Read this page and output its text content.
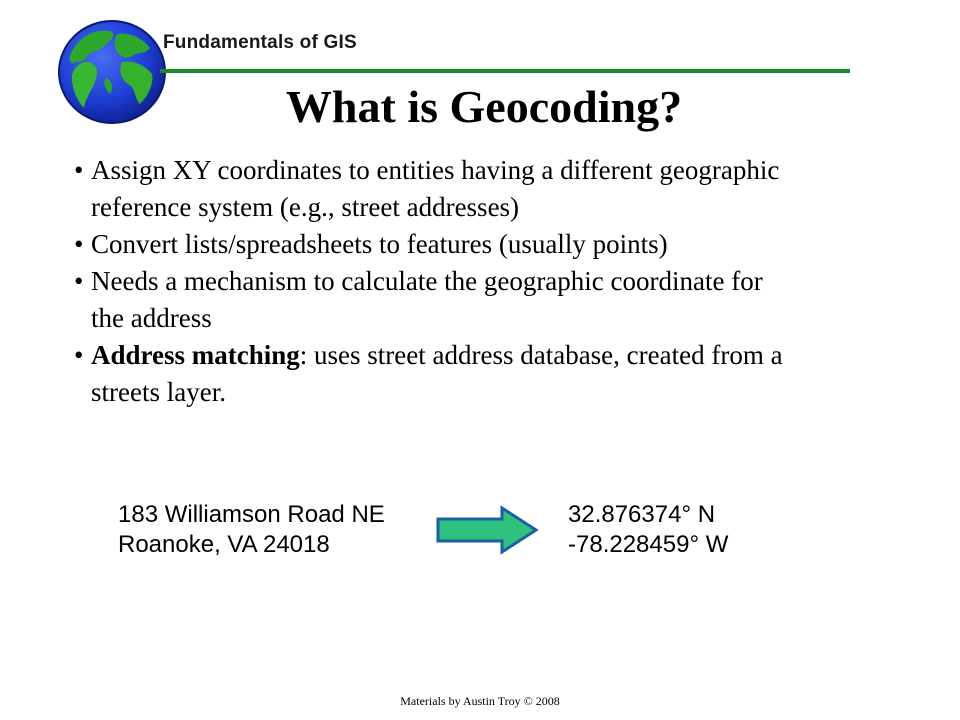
Fundamentals of GIS
What is Geocoding?
• Assign XY coordinates to entities having a different geographic
reference system (e.g., street addresses)
• Convert lists/spreadsheets to features (usually points)
• Needs a mechanism to calculate the geographic coordinate for
the address
• Address matching: uses street address database, created from a
streets layer.
183 Williamson Road NE
Roanoke, VA 24018
32.876374° N
-78.228459° W
Materials by Austin Troy © 2008
